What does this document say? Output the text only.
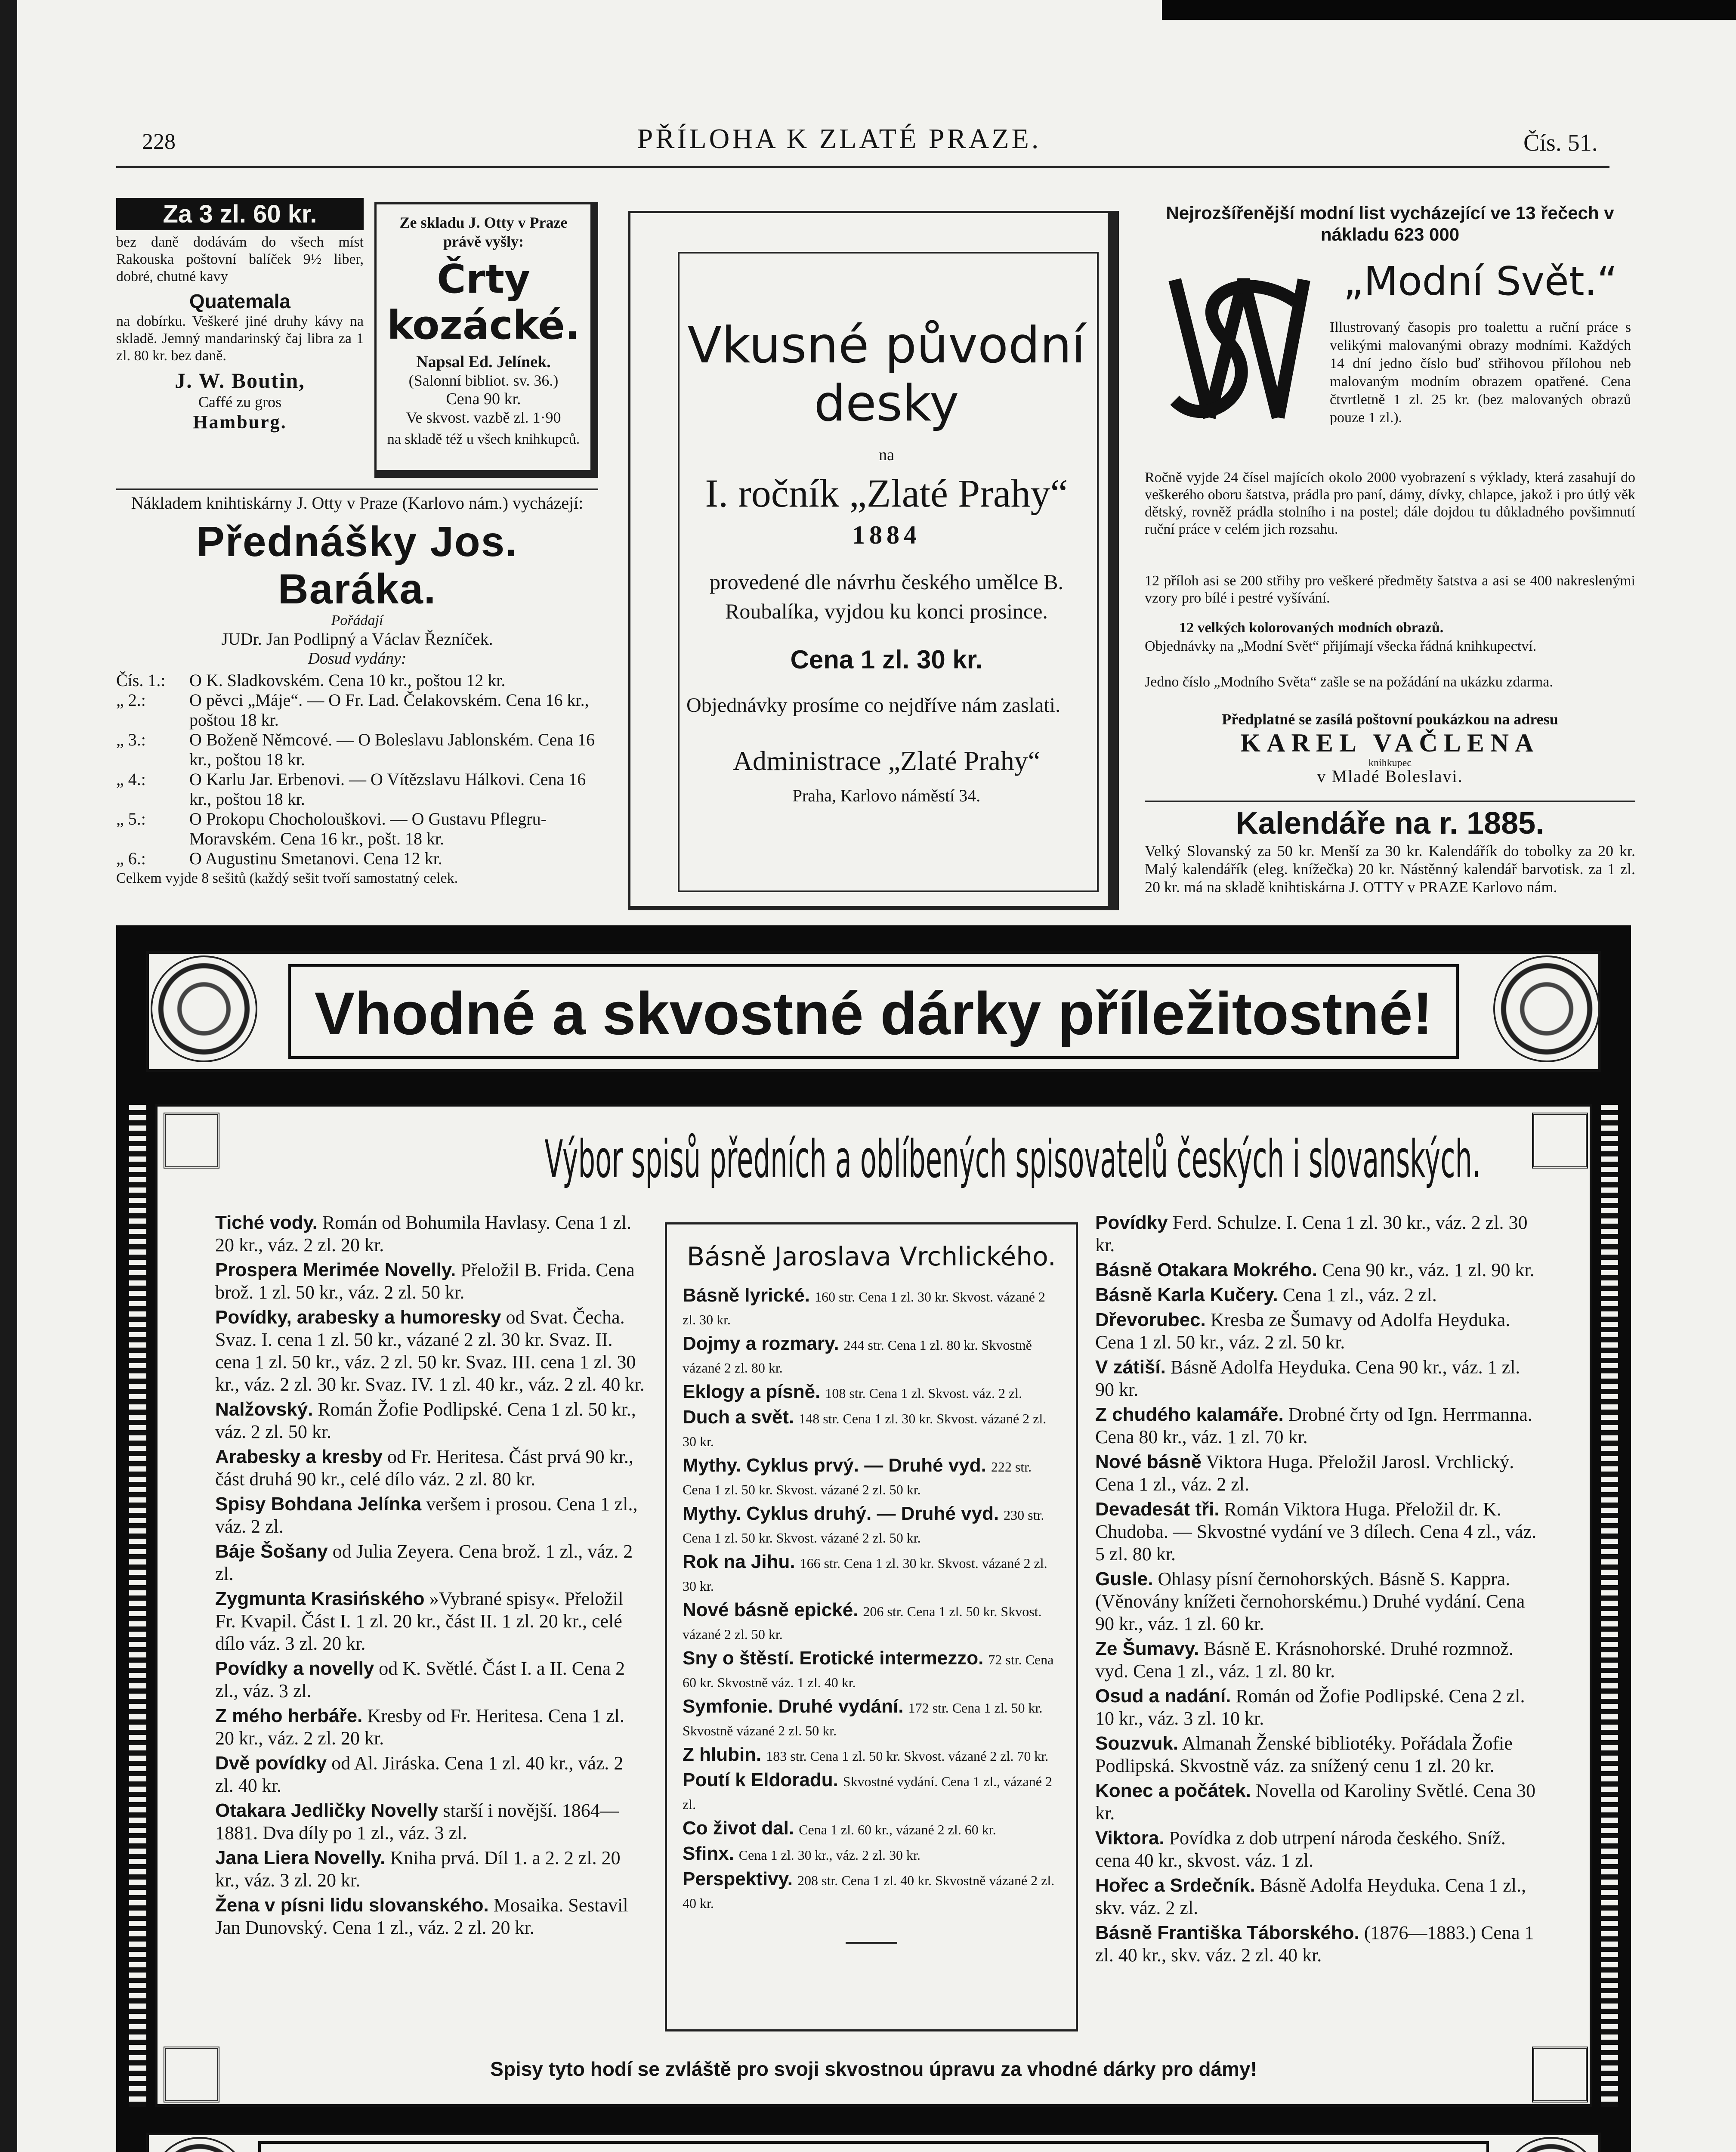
228	PŘÍLOHA K ZLATÉ PRAZE.	Čís. 51.
Za 3 zl. 60 kr.
bez daně dodávám do všech míst Rakouska poštovní balíček 9½ liber, dobré, chutné kavy
Quatemala
na dobírku. Veškeré jiné druhy kávy na skladě. Jemný mandarinský čaj libra za 1 zl. 80 kr. bez daně.
J. W. Boutin,
Caffé zu gros
Hamburg.
Ze skladu J. Otty v Praze právě vyšly:
Črty kozácké.
Napsal Ed. Jelínek.
(Salonní bibliot. sv. 36.)
Cena 90 kr.
Ve skvost. vazbě zl. 1·90
na skladě též u všech knihkupců.
Nákladem knihtiskárny J. Otty v Praze (Karlovo nám.) vycházejí:
Přednášky Jos. Baráka.
Pořádají
JUDr. Jan Podlipný a Václav Řezníček.
Dosud vydány:
Čís. 1.:	O K. Sladkovském. Cena 10 kr., poštou 12 kr.
„ 2.:	O pěvci „Máje“. — O Fr. Lad. Čelakovském. Cena 16 kr., poštou 18 kr.
„ 3.:	O Boženě Němcové. — O Boleslavu Jablonském. Cena 16 kr., poštou 18 kr.
„ 4.:	O Karlu Jar. Erbenovi. — O Vítězslavu Hálkovi. Cena 16 kr., poštou 18 kr.
„ 5.:	O Prokopu Chocholouškovi. — O Gustavu Pflegru-Moravském. Cena 16 kr., pošt. 18 kr.
„ 6.:	O Augustinu Smetanovi. Cena 12 kr.
Celkem vyjde 8 sešitů (každý sešit tvoří samostatný celek.
Vkusné původní desky
na
I. ročník „Zlaté Prahy“
1884
provedené dle návrhu českého umělce B. Roubalíka, vyjdou ku konci prosince.
Cena 1 zl. 30 kr.
Objednávky prosíme co nejdříve nám zaslati.
Administrace „Zlaté Prahy“
Praha, Karlovo náměstí 34.
Nejrozšířenější modní list vycházející ve 13 řečech v nákladu 623 000
„Modní Svět.“
Illustrovaný časopis pro toalettu a ruční práce s velikými malovanými obrazy modními. Každých 14 dní jedno číslo buď střihovou přílohou neb malovaným modním obrazem opatřené. Cena čtvrtletně 1 zl. 25 kr. (bez malovaných obrazů pouze 1 zl.).
Ročně vyjde 24 čísel majících okolo 2000 vyobrazení s výklady, která zasahují do veškerého oboru šatstva, prádla pro paní, dámy, dívky, chlapce, jakož i pro útlý věk dětský, rovněž prádla stolního i na postel; dále dojdou tu důkladného povšimnutí ruční práce v celém jich rozsahu.
12 příloh asi se 200 střihy pro veškeré předměty šatstva a asi se 400 nakreslenými vzory pro bílé i pestré vyšívání.
12 velkých kolorovaných modních obrazů.
Objednávky na „Modní Svět“ přijímají všecka řádná knihkupectví.
Jedno číslo „Modního Světa“ zašle se na požádání na ukázku zdarma.
Předplatné se zasílá poštovní poukázkou na adresu
KAREL VAČLENA
knihkupec
v Mladé Boleslavi.
Kalendáře na r. 1885.
Velký Slovanský za 50 kr. Menší za 30 kr. Kalendářík do tobolky za 20 kr. Malý kalendářík (eleg. knížečka) 20 kr. Nástěnný kalendář barvotisk. za 1 zl. 20 kr. má na skladě knihtiskárna J. OTTY v PRAZE Karlovo nám.
Vhodné a skvostné dárky příležitostné!
Výbor spisů předních a oblíbených spisovatelů českých i slovanských.
Tiché vody. Román od Bohumila Havlasy. Cena 1 zl. 20 kr., váz. 2 zl. 20 kr.
Prospera Merimée Novelly. Přeložil B. Frida. Cena brož. 1 zl. 50 kr., váz. 2 zl. 50 kr.
Povídky, arabesky a humoresky od Svat. Čecha. Svaz. I. cena 1 zl. 50 kr., vázané 2 zl. 30 kr. Svaz. II. cena 1 zl. 50 kr., váz. 2 zl. 50 kr. Svaz. III. cena 1 zl. 30 kr., váz. 2 zl. 30 kr. Svaz. IV. 1 zl. 40 kr., váz. 2 zl. 40 kr.
Nalžovský. Román Žofie Podlipské. Cena 1 zl. 50 kr., váz. 2 zl. 50 kr.
Arabesky a kresby od Fr. Heritesa. Část prvá 90 kr., část druhá 90 kr., celé dílo váz. 2 zl. 80 kr.
Spisy Bohdana Jelínka veršem i prosou. Cena 1 zl., váz. 2 zl.
Báje Šošany od Julia Zeyera. Cena brož. 1 zl., váz. 2 zl.
Zygmunta Krasińského »Vybrané spisy«. Přeložil Fr. Kvapil. Část I. 1 zl. 20 kr., část II. 1 zl. 20 kr., celé dílo váz. 3 zl. 20 kr.
Povídky a novelly od K. Světlé. Část I. a II. Cena 2 zl., váz. 3 zl.
Z mého herbáře. Kresby od Fr. Heritesa. Cena 1 zl. 20 kr., váz. 2 zl. 20 kr.
Dvě povídky od Al. Jiráska. Cena 1 zl. 40 kr., váz. 2 zl. 40 kr.
Otakara Jedličky Novelly starší i novější. 1864—1881. Dva díly po 1 zl., váz. 3 zl.
Jana Liera Novelly. Kniha prvá. Díl 1. a 2. 2 zl. 20 kr., váz. 3 zl. 20 kr.
Žena v písni lidu slovanského. Mosaika. Sestavil Jan Dunovský. Cena 1 zl., váz. 2 zl. 20 kr.
Básně Jaroslava Vrchlického.
Básně lyrické. 160 str. Cena 1 zl. 30 kr. Skvost. vázané 2 zl. 30 kr.
Dojmy a rozmary. 244 str. Cena 1 zl. 80 kr. Skvostně vázané 2 zl. 80 kr.
Eklogy a písně. 108 str. Cena 1 zl. Skvost. váz. 2 zl.
Duch a svět. 148 str. Cena 1 zl. 30 kr. Skvost. vázané 2 zl. 30 kr.
Mythy. Cyklus prvý. — Druhé vyd. 222 str. Cena 1 zl. 50 kr. Skvost. vázané 2 zl. 50 kr.
Mythy. Cyklus druhý. — Druhé vyd. 230 str. Cena 1 zl. 50 kr. Skvost. vázané 2 zl. 50 kr.
Rok na Jihu. 166 str. Cena 1 zl. 30 kr. Skvost. vázané 2 zl. 30 kr.
Nové básně epické. 206 str. Cena 1 zl. 50 kr. Skvost. vázané 2 zl. 50 kr.
Sny o štěstí. Erotické intermezzo. 72 str. Cena 60 kr. Skvostně váz. 1 zl. 40 kr.
Symfonie. Druhé vydání. 172 str. Cena 1 zl. 50 kr. Skvostně vázané 2 zl. 50 kr.
Z hlubin. 183 str. Cena 1 zl. 50 kr. Skvost. vázané 2 zl. 70 kr.
Poutí k Eldoradu. Skvostné vydání. Cena 1 zl., vázané 2 zl.
Co život dal. Cena 1 zl. 60 kr., vázané 2 zl. 60 kr.
Sfinx. Cena 1 zl. 30 kr., váz. 2 zl. 30 kr.
Perspektivy. 208 str. Cena 1 zl. 40 kr. Skvostně vázané 2 zl. 40 kr.
Povídky Ferd. Schulze. I. Cena 1 zl. 30 kr., váz. 2 zl. 30 kr.
Básně Otakara Mokrého. Cena 90 kr., váz. 1 zl. 90 kr.
Básně Karla Kučery. Cena 1 zl., váz. 2 zl.
Dřevorubec. Kresba ze Šumavy od Adolfa Heyduka. Cena 1 zl. 50 kr., váz. 2 zl. 50 kr.
V zátiší. Básně Adolfa Heyduka. Cena 90 kr., váz. 1 zl. 90 kr.
Z chudého kalamáře. Drobné črty od Ign. Herrmanna. Cena 80 kr., váz. 1 zl. 70 kr.
Nové básně Viktora Huga. Přeložil Jarosl. Vrchlický. Cena 1 zl., váz. 2 zl.
Devadesát tři. Román Viktora Huga. Přeložil dr. K. Chudoba. — Skvostné vydání ve 3 dílech. Cena 4 zl., váz. 5 zl. 80 kr.
Gusle. Ohlasy písní černohorských. Básně S. Kappra. (Věnovány knížeti černohorskému.) Druhé vydání. Cena 90 kr., váz. 1 zl. 60 kr.
Ze Šumavy. Básně E. Krásnohorské. Druhé rozmnož. vyd. Cena 1 zl., váz. 1 zl. 80 kr.
Osud a nadání. Román od Žofie Podlipské. Cena 2 zl. 10 kr., váz. 3 zl. 10 kr.
Souzvuk. Almanah Ženské bibliotéky. Pořádala Žofie Podlipská. Skvostně váz. za snížený cenu 1 zl. 20 kr.
Konec a počátek. Novella od Karoliny Světlé. Cena 30 kr.
Viktora. Povídka z dob utrpení národa českého. Sníž. cena 40 kr., skvost. váz. 1 zl.
Hořec a Srdečník. Básně Adolfa Heyduka. Cena 1 zl., skv. váz. 2 zl.
Básně Františka Táborského. (1876—1883.) Cena 1 zl. 40 kr., skv. váz. 2 zl. 40 kr.
Spisy tyto hodí se zvláště pro svoji skvostnou úpravu za vhodné dárky pro dámy!
